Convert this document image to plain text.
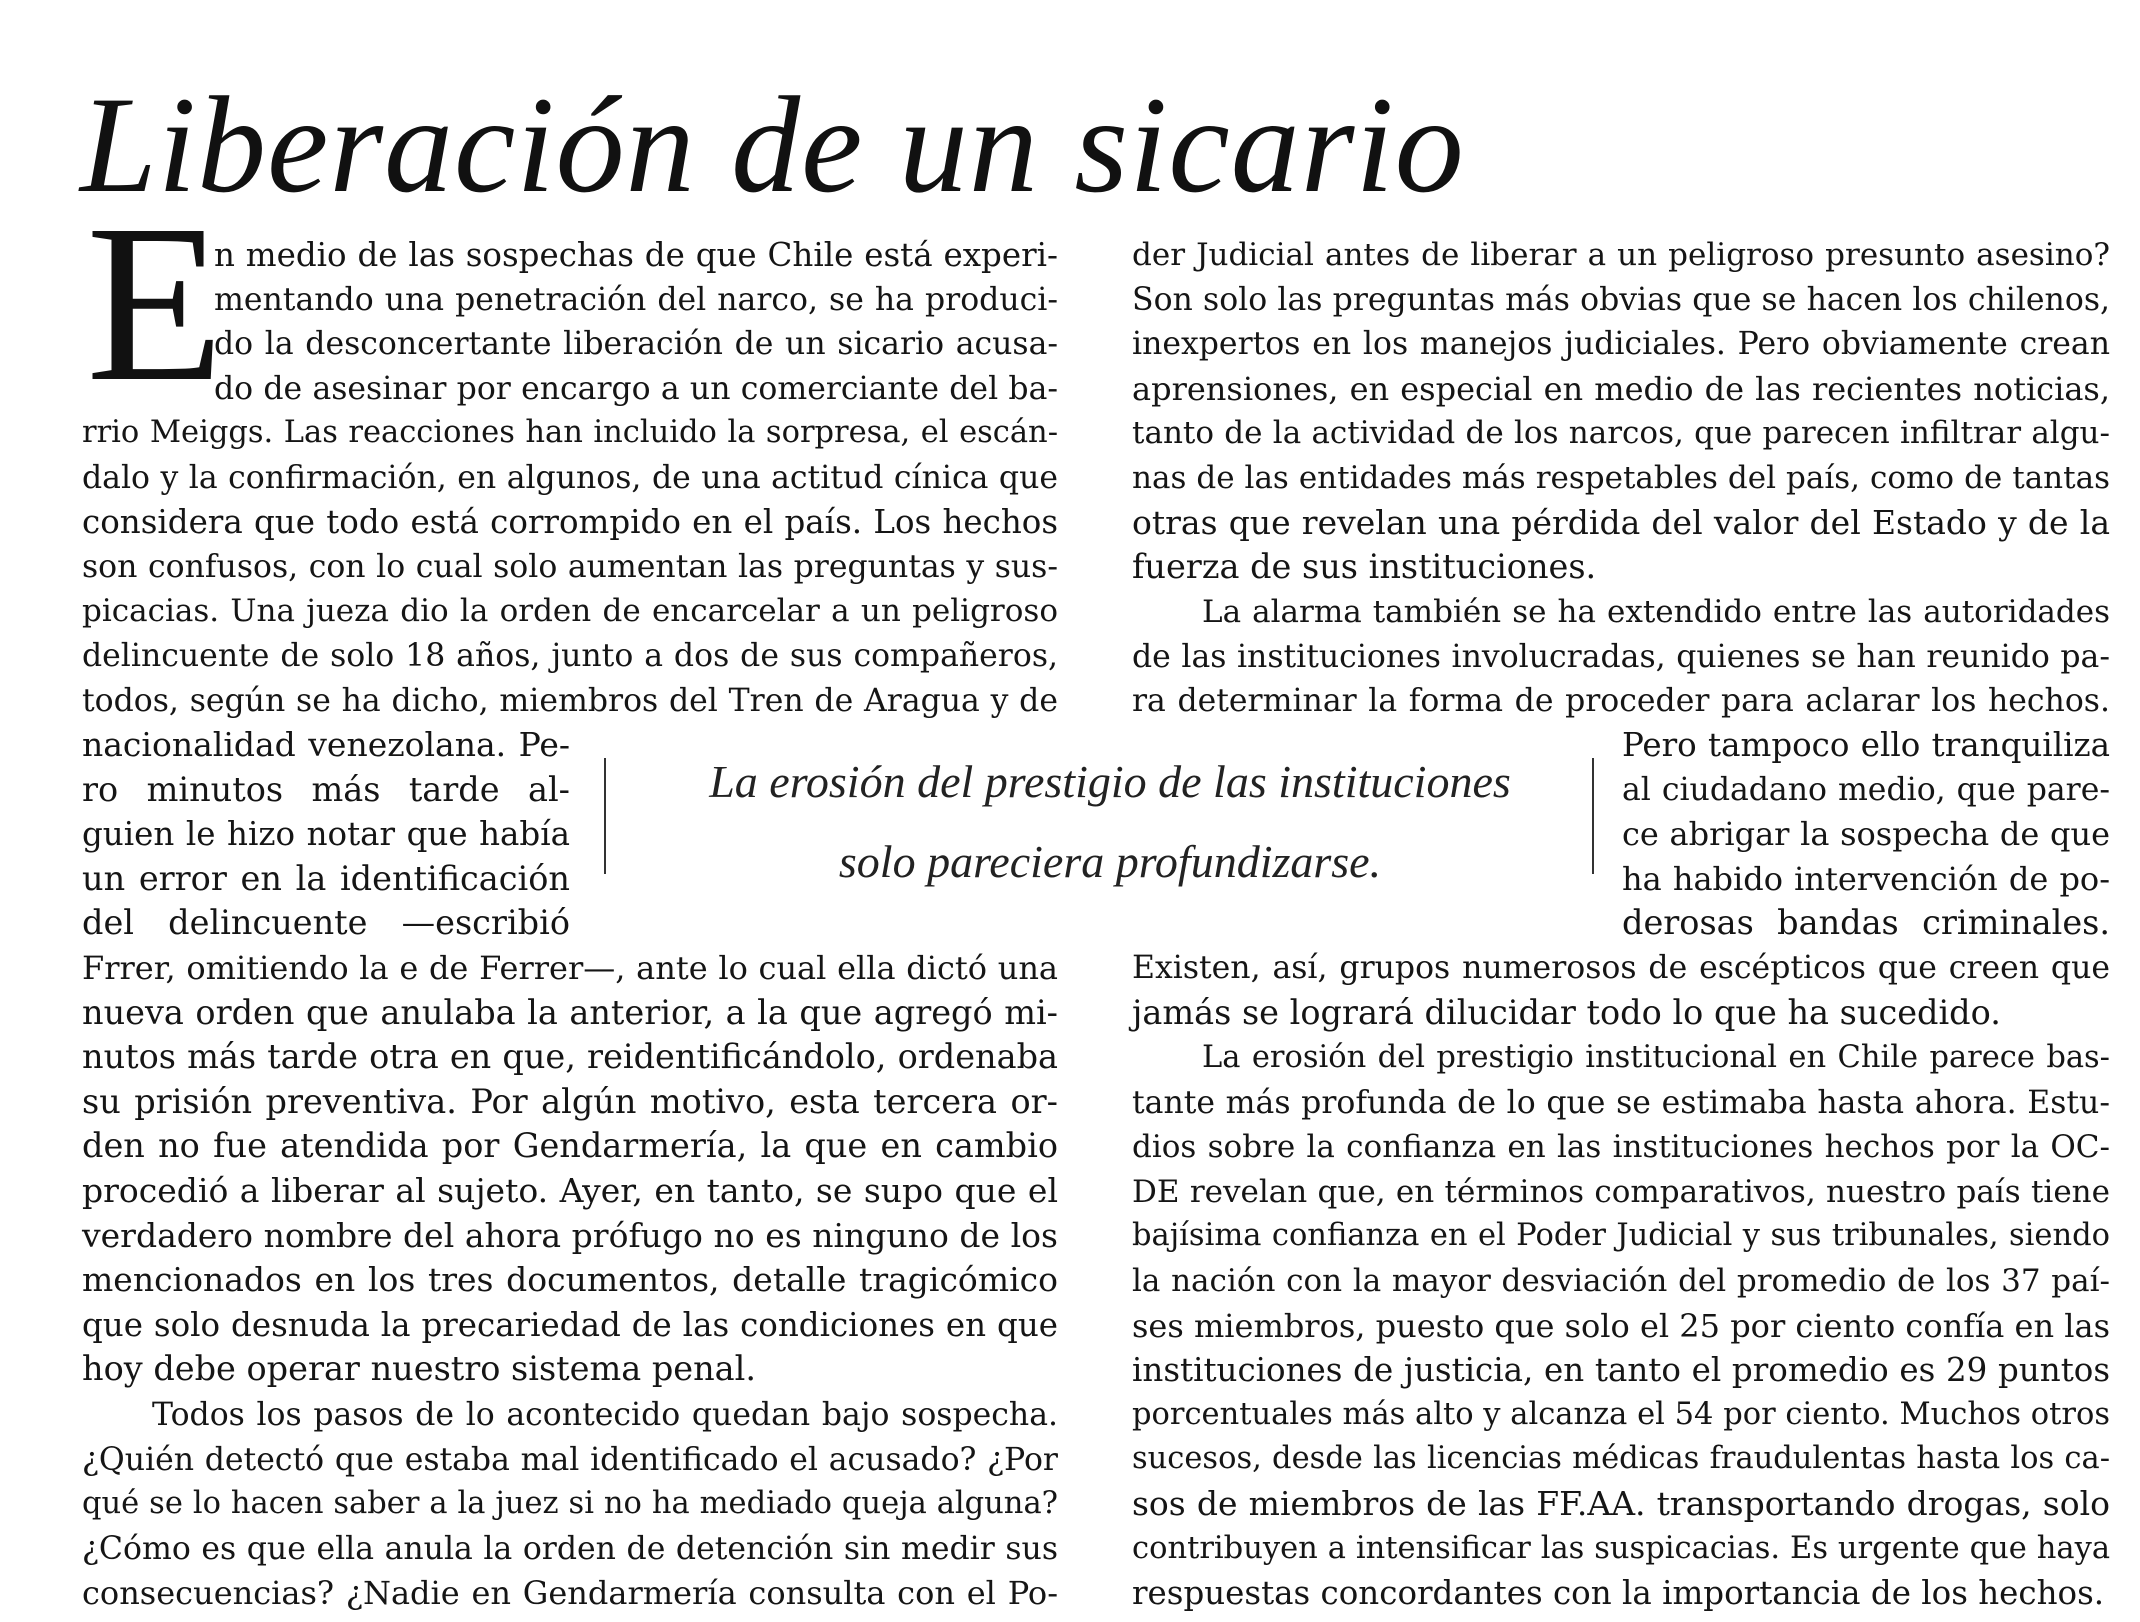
Liberación de un sicario
E
n medio de las sospechas de que Chile está experi-
mentando una penetración del narco, se ha produci-
do la desconcertante liberación de un sicario acusa-
do de asesinar por encargo a un comerciante del ba-
rrio Meiggs. Las reacciones han incluido la sorpresa, el escán-
dalo y la confirmación, en algunos, de una actitud cínica que
considera que todo está corrompido en el país. Los hechos
son confusos, con lo cual solo aumentan las preguntas y sus-
picacias. Una jueza dio la orden de encarcelar a un peligroso
delincuente de solo 18 años, junto a dos de sus compañeros,
todos, según se ha dicho, miembros del Tren de Aragua y de
nacionalidad venezolana. Pe-
ro minutos más tarde al-
guien le hizo notar que había
un error en la identificación
del delincuente —escribió
Frrer, omitiendo la e de Ferrer—, ante lo cual ella dictó una
nueva orden que anulaba la anterior, a la que agregó mi-
nutos más tarde otra en que, reidentificándolo, ordenaba
su prisión preventiva. Por algún motivo, esta tercera or-
den no fue atendida por Gendarmería, la que en cambio
procedió a liberar al sujeto. Ayer, en tanto, se supo que el
verdadero nombre del ahora prófugo no es ninguno de los
mencionados en los tres documentos, detalle tragicómico
que solo desnuda la precariedad de las condiciones en que
hoy debe operar nuestro sistema penal.
Todos los pasos de lo acontecido quedan bajo sospecha.
¿Quién detectó que estaba mal identificado el acusado? ¿Por
qué se lo hacen saber a la juez si no ha mediado queja alguna?
¿Cómo es que ella anula la orden de detención sin medir sus
consecuencias? ¿Nadie en Gendarmería consulta con el Po-
der Judicial antes de liberar a un peligroso presunto asesino?
Son solo las preguntas más obvias que se hacen los chilenos,
inexpertos en los manejos judiciales. Pero obviamente crean
aprensiones, en especial en medio de las recientes noticias,
tanto de la actividad de los narcos, que parecen infiltrar algu-
nas de las entidades más respetables del país, como de tantas
otras que revelan una pérdida del valor del Estado y de la
fuerza de sus instituciones.
La alarma también se ha extendido entre las autoridades
de las instituciones involucradas, quienes se han reunido pa-
ra determinar la forma de proceder para aclarar los hechos.
Pero tampoco ello tranquiliza
al ciudadano medio, que pare-
ce abrigar la sospecha de que
ha habido intervención de po-
derosas bandas criminales.
Existen, así, grupos numerosos de escépticos que creen que
jamás se logrará dilucidar todo lo que ha sucedido.
La erosión del prestigio institucional en Chile parece bas-
tante más profunda de lo que se estimaba hasta ahora. Estu-
dios sobre la confianza en las instituciones hechos por la OC-
DE revelan que, en términos comparativos, nuestro país tiene
bajísima confianza en el Poder Judicial y sus tribunales, siendo
la nación con la mayor desviación del promedio de los 37 paí-
ses miembros, puesto que solo el 25 por ciento confía en las
instituciones de justicia, en tanto el promedio es 29 puntos
porcentuales más alto y alcanza el 54 por ciento. Muchos otros
sucesos, desde las licencias médicas fraudulentas hasta los ca-
sos de miembros de las FF.AA. transportando drogas, solo
contribuyen a intensificar las suspicacias. Es urgente que haya
respuestas concordantes con la importancia de los hechos.
La erosión del prestigio de las instituciones
solo pareciera profundizarse.
